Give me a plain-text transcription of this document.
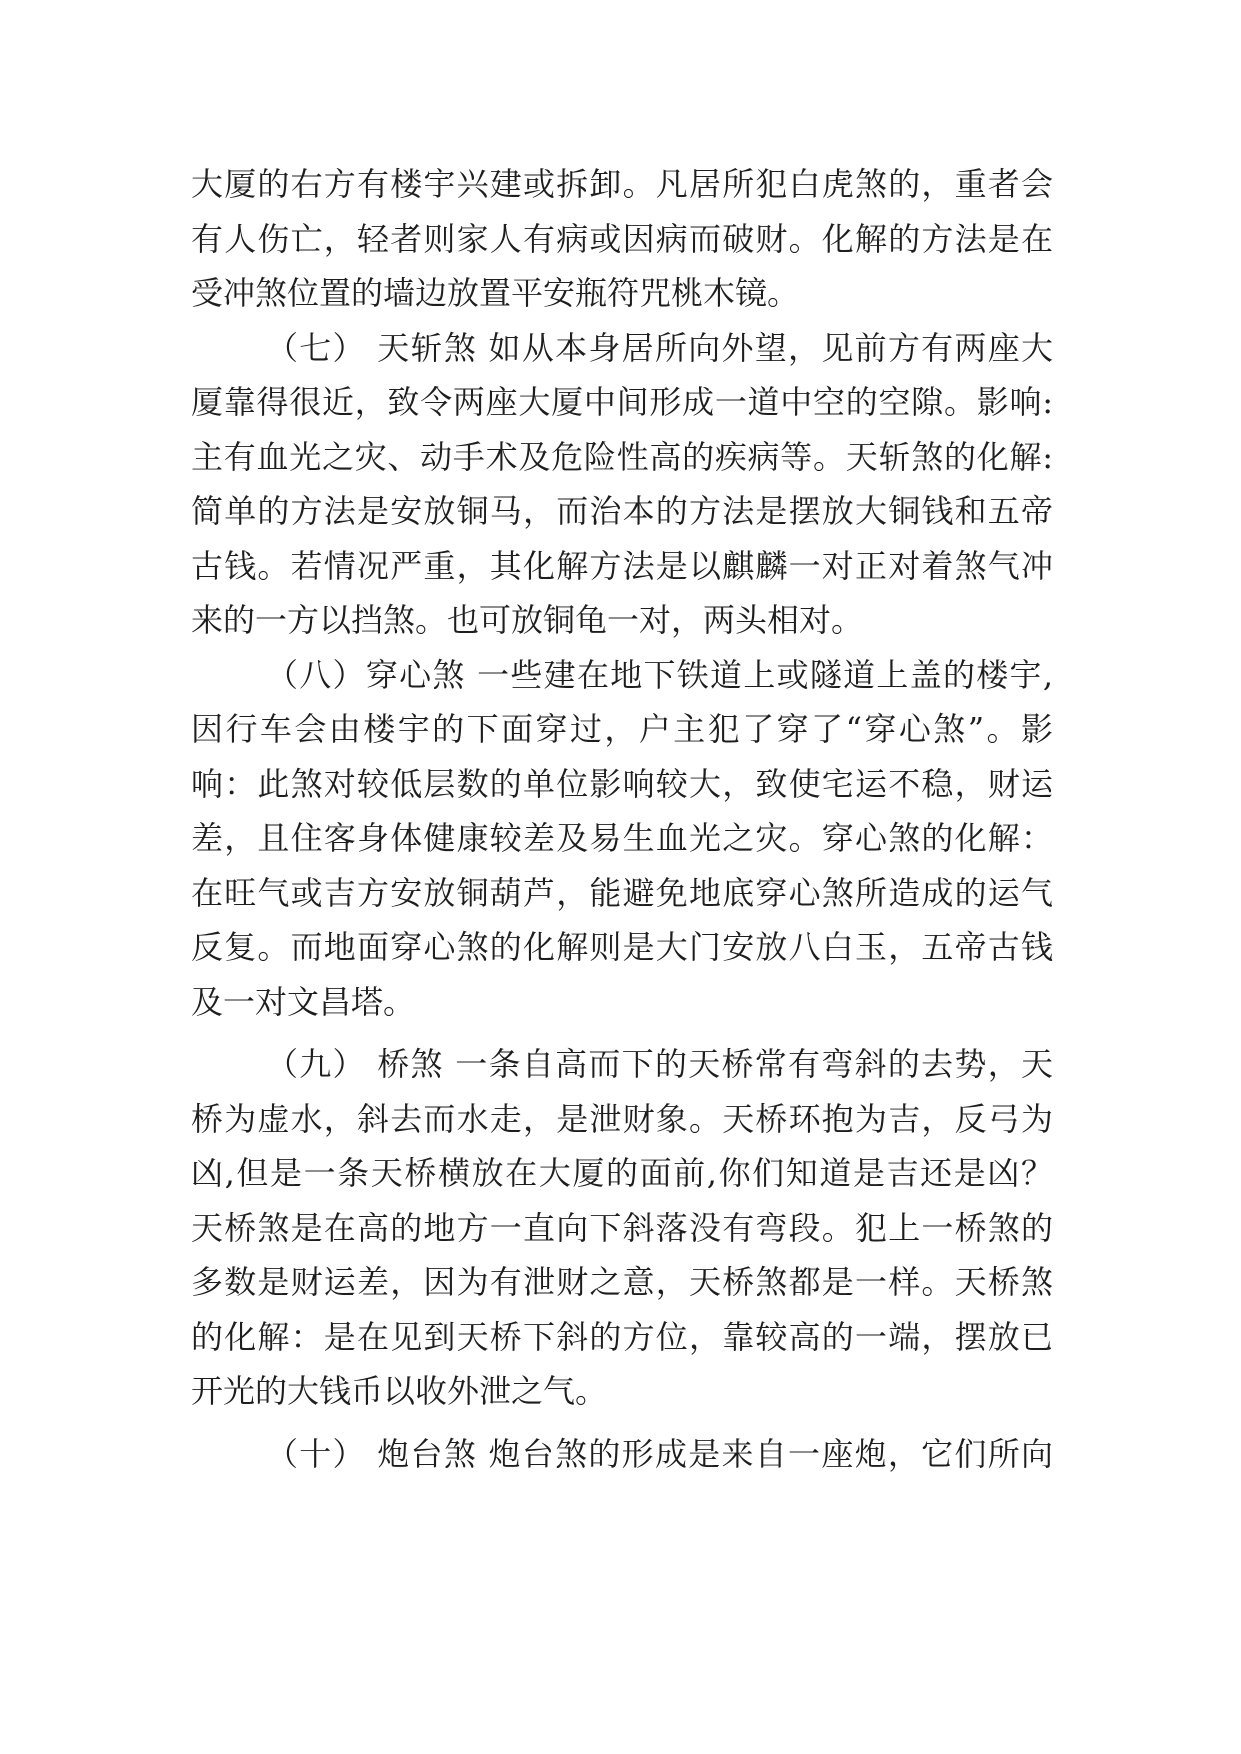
大厦的右方有楼宇兴建或拆卸。凡居所犯白虎煞的，重者会
有人伤亡，轻者则家人有病或因病而破财。化解的方法是在
受冲煞位置的墙边放置平安瓶符咒桃木镜。
（七） 天斩煞 如从本身居所向外望，见前方有两座大
厦靠得很近，致令两座大厦中间形成一道中空的空隙。影响:
主有血光之灾、动手术及危险性高的疾病等。天斩煞的化解:
简单的方法是安放铜马，而治本的方法是摆放大铜钱和五帝
古钱。若情况严重，其化解方法是以麒麟一对正对着煞气冲
来的一方以挡煞。也可放铜龟一对，两头相对。
（八）穿心煞 一些建在地下铁道上或隧道上盖的楼宇,
因行车会由楼宇的下面穿过，户主犯了穿了“穿心煞”。影
响：此煞对较低层数的单位影响较大，致使宅运不稳，财运
差，且住客身体健康较差及易生血光之灾。穿心煞的化解：
在旺气或吉方安放铜葫芦，能避免地底穿心煞所造成的运气
反复。而地面穿心煞的化解则是大门安放八白玉，五帝古钱
及一对文昌塔。
（九） 桥煞 一条自高而下的天桥常有弯斜的去势，天
桥为虚水，斜去而水走，是泄财象。天桥环抱为吉，反弓为
凶,但是一条天桥横放在大厦的面前,你们知道是吉还是凶？
天桥煞是在高的地方一直向下斜落没有弯段。犯上一桥煞的
多数是财运差，因为有泄财之意，天桥煞都是一样。天桥煞
的化解：是在见到天桥下斜的方位，靠较高的一端，摆放已
开光的大钱币以收外泄之气。
（十） 炮台煞 炮台煞的形成是来自一座炮，它们所向
